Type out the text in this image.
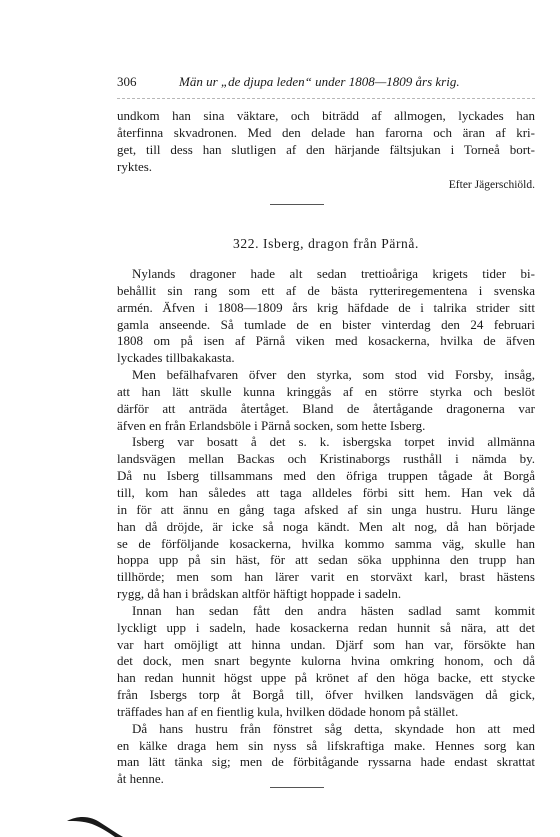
306	Män ur „de djupa leden“ under 1808—1809 års krig.

undkom han sina väktare, och biträdd af allmogen, lyckades han

återfinna skvadronen. Med den delade han farorna och äran af kri-

get, till dess han slutligen af den härjande fältsjukan i Torneå bort-

ryktes.

Efter Jägerschiöld.
322. Isberg, dragon från Pärnå.

Nylands dragoner hade alt sedan trettioåriga krigets tider bi-

behållit sin rang som ett af de bästa rytteriregementena i svenska

armén. Äfven i 1808—1809 års krig häfdade de i talrika strider sitt

gamla anseende. Så tumlade de en bister vinterdag den 24 februari

1808 om på isen af Pärnå viken med kosackerna, hvilka de äfven

lyckades tillbakakasta.

Men befälhafvaren öfver den styrka, som stod vid Forsby, insåg,

att han lätt skulle kunna kringgås af en större styrka och beslöt

därför att anträda återtåget. Bland de återtågande dragonerna var

äfven en från Erlandsböle i Pärnå socken, som hette Isberg.

Isberg var bosatt å det s. k. isbergska torpet invid allmänna

landsvägen mellan Backas och Kristinaborgs rusthåll i nämda by.

Då nu Isberg tillsammans med den öfriga truppen tågade åt Borgå

till, kom han således att taga alldeles förbi sitt hem. Han vek då

in för att ännu en gång taga afsked af sin unga hustru. Huru länge

han då dröjde, är icke så noga kändt. Men alt nog, då han började

se de förföljande kosackerna, hvilka kommo samma väg, skulle han

hoppa upp på sin häst, för att sedan söka upphinna den trupp han

tillhörde; men som han lärer varit en storväxt karl, brast hästens

rygg, då han i brådskan altför häftigt hoppade i sadeln.

Innan han sedan fått den andra hästen sadlad samt kommit

lyckligt upp i sadeln, hade kosackerna redan hunnit så nära, att det

var hart omöjligt att hinna undan. Djärf som han var, försökte han

det dock, men snart begynte kulorna hvina omkring honom, och då

han redan hunnit högst uppe på krönet af den höga backe, ett stycke

från Isbergs torp åt Borgå till, öfver hvilken landsvägen då gick,

träffades han af en fientlig kula, hvilken dödade honom på stället.

Då hans hustru från fönstret såg detta, skyndade hon att med

en kälke draga hem sin nyss så lifskraftiga make. Hennes sorg kan

man lätt tänka sig; men de förbitågande ryssarna hade endast skrattat

åt henne.
